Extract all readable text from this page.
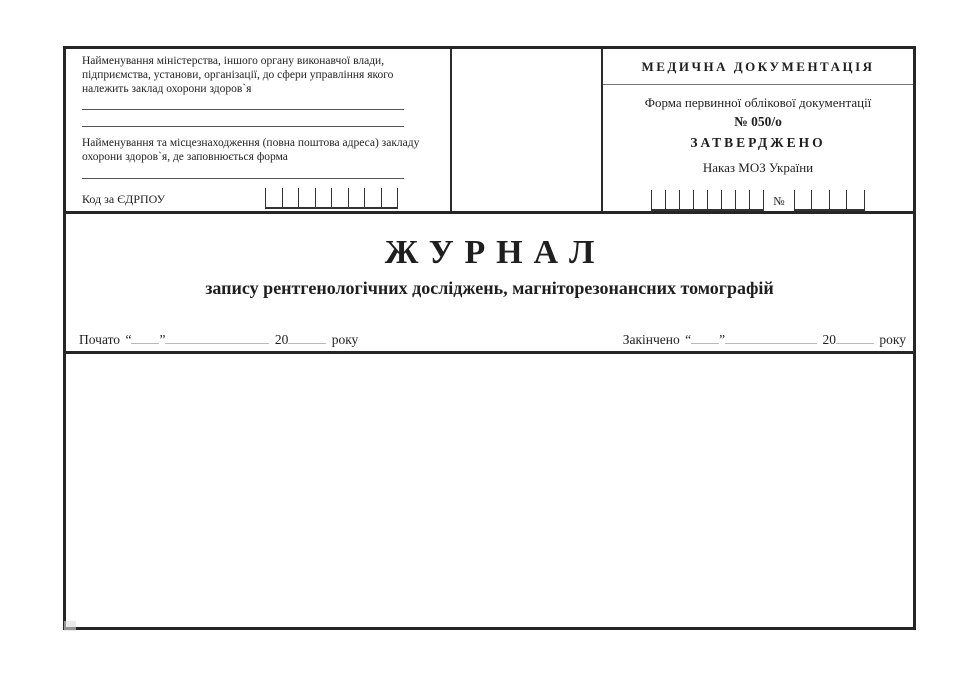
Найменування міністерства, іншого органу виконавчої влади, підприємства, установи, організації, до сфери управління якого належить заклад охорони здоров`я

Найменування та місцезнаходження (повна поштова адреса) закладу охорони здоров`я, де заповнюється форма

Код за ЄДРПОУ
МЕДИЧНА ДОКУМЕНТАЦІЯ
Форма первинної облікової документації
№ 050/о
ЗАТВЕРДЖЕНО
Наказ МОЗ України
№
ЖУРНАЛ
запису рентгенологічних досліджень, магніторезонансних томографій
Почато “ ”	20	року	Закінчено “ ”	20	року
